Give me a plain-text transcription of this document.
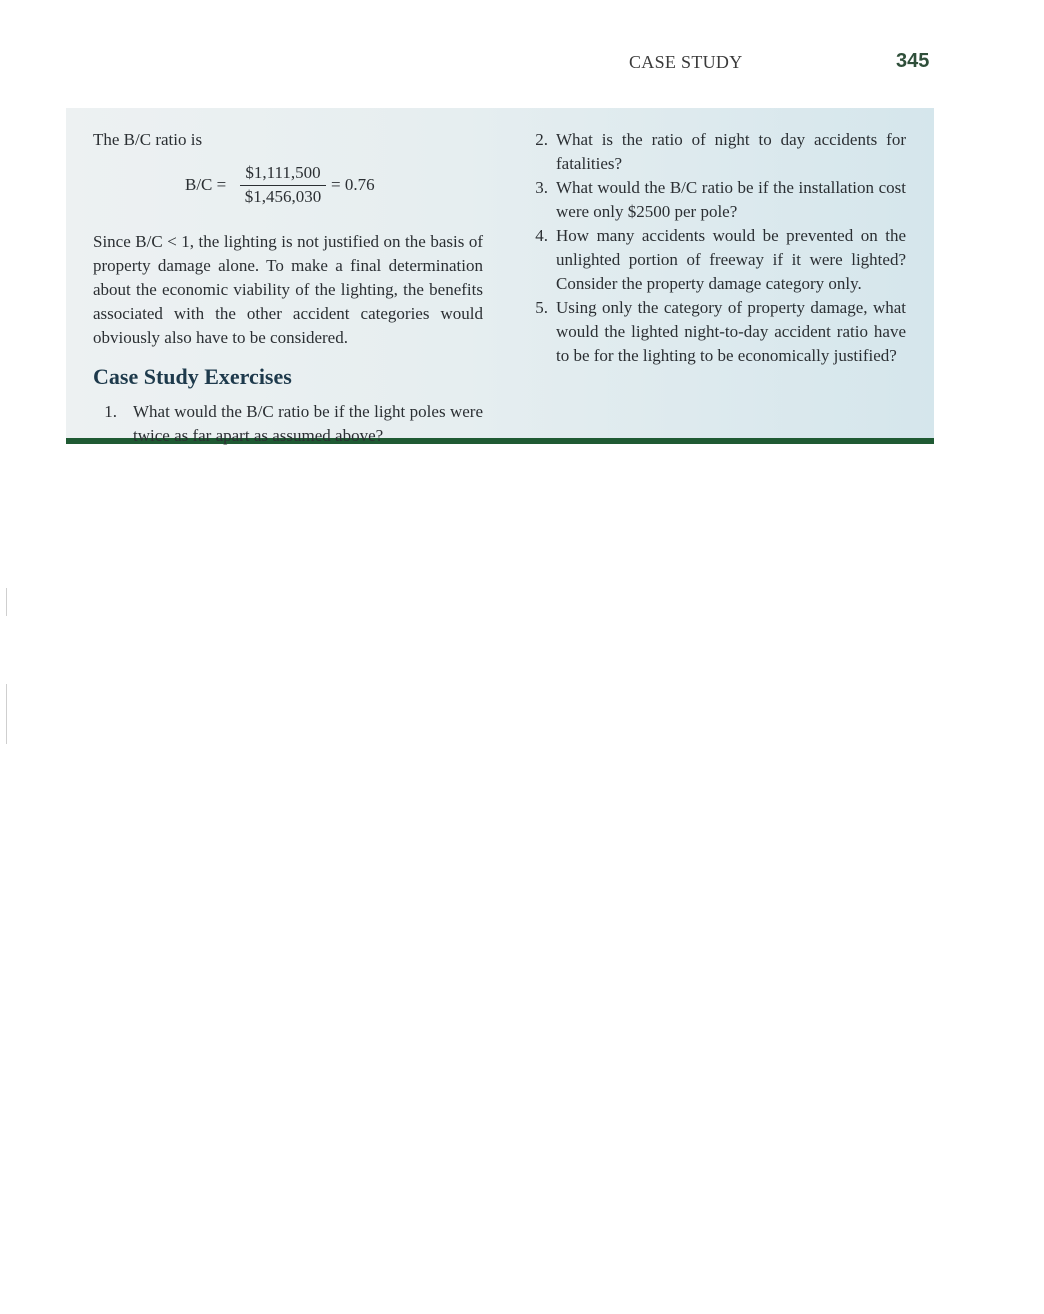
CASE STUDY	345

The B/C ratio is

B/C =
$1,111,500
$1,456,030
= 0.76

Since B/C < 1, the lighting is not justified on the basis of property damage alone. To make a final determination about the economic viability of the lighting, the benefits associated with the other accident categories would obviously also have to be considered.

Case Study Exercises
1. What would the B/C ratio be if the light poles were twice as far apart as assumed above?
2. What is the ratio of night to day accidents for fatalities?
3. What would the B/C ratio be if the installation cost were only $2500 per pole?
4. How many accidents would be prevented on the unlighted portion of freeway if it were lighted? Consider the property damage category only.
5. Using only the category of property damage, what would the lighted night-to-day accident ratio have to be for the lighting to be economically justified?
